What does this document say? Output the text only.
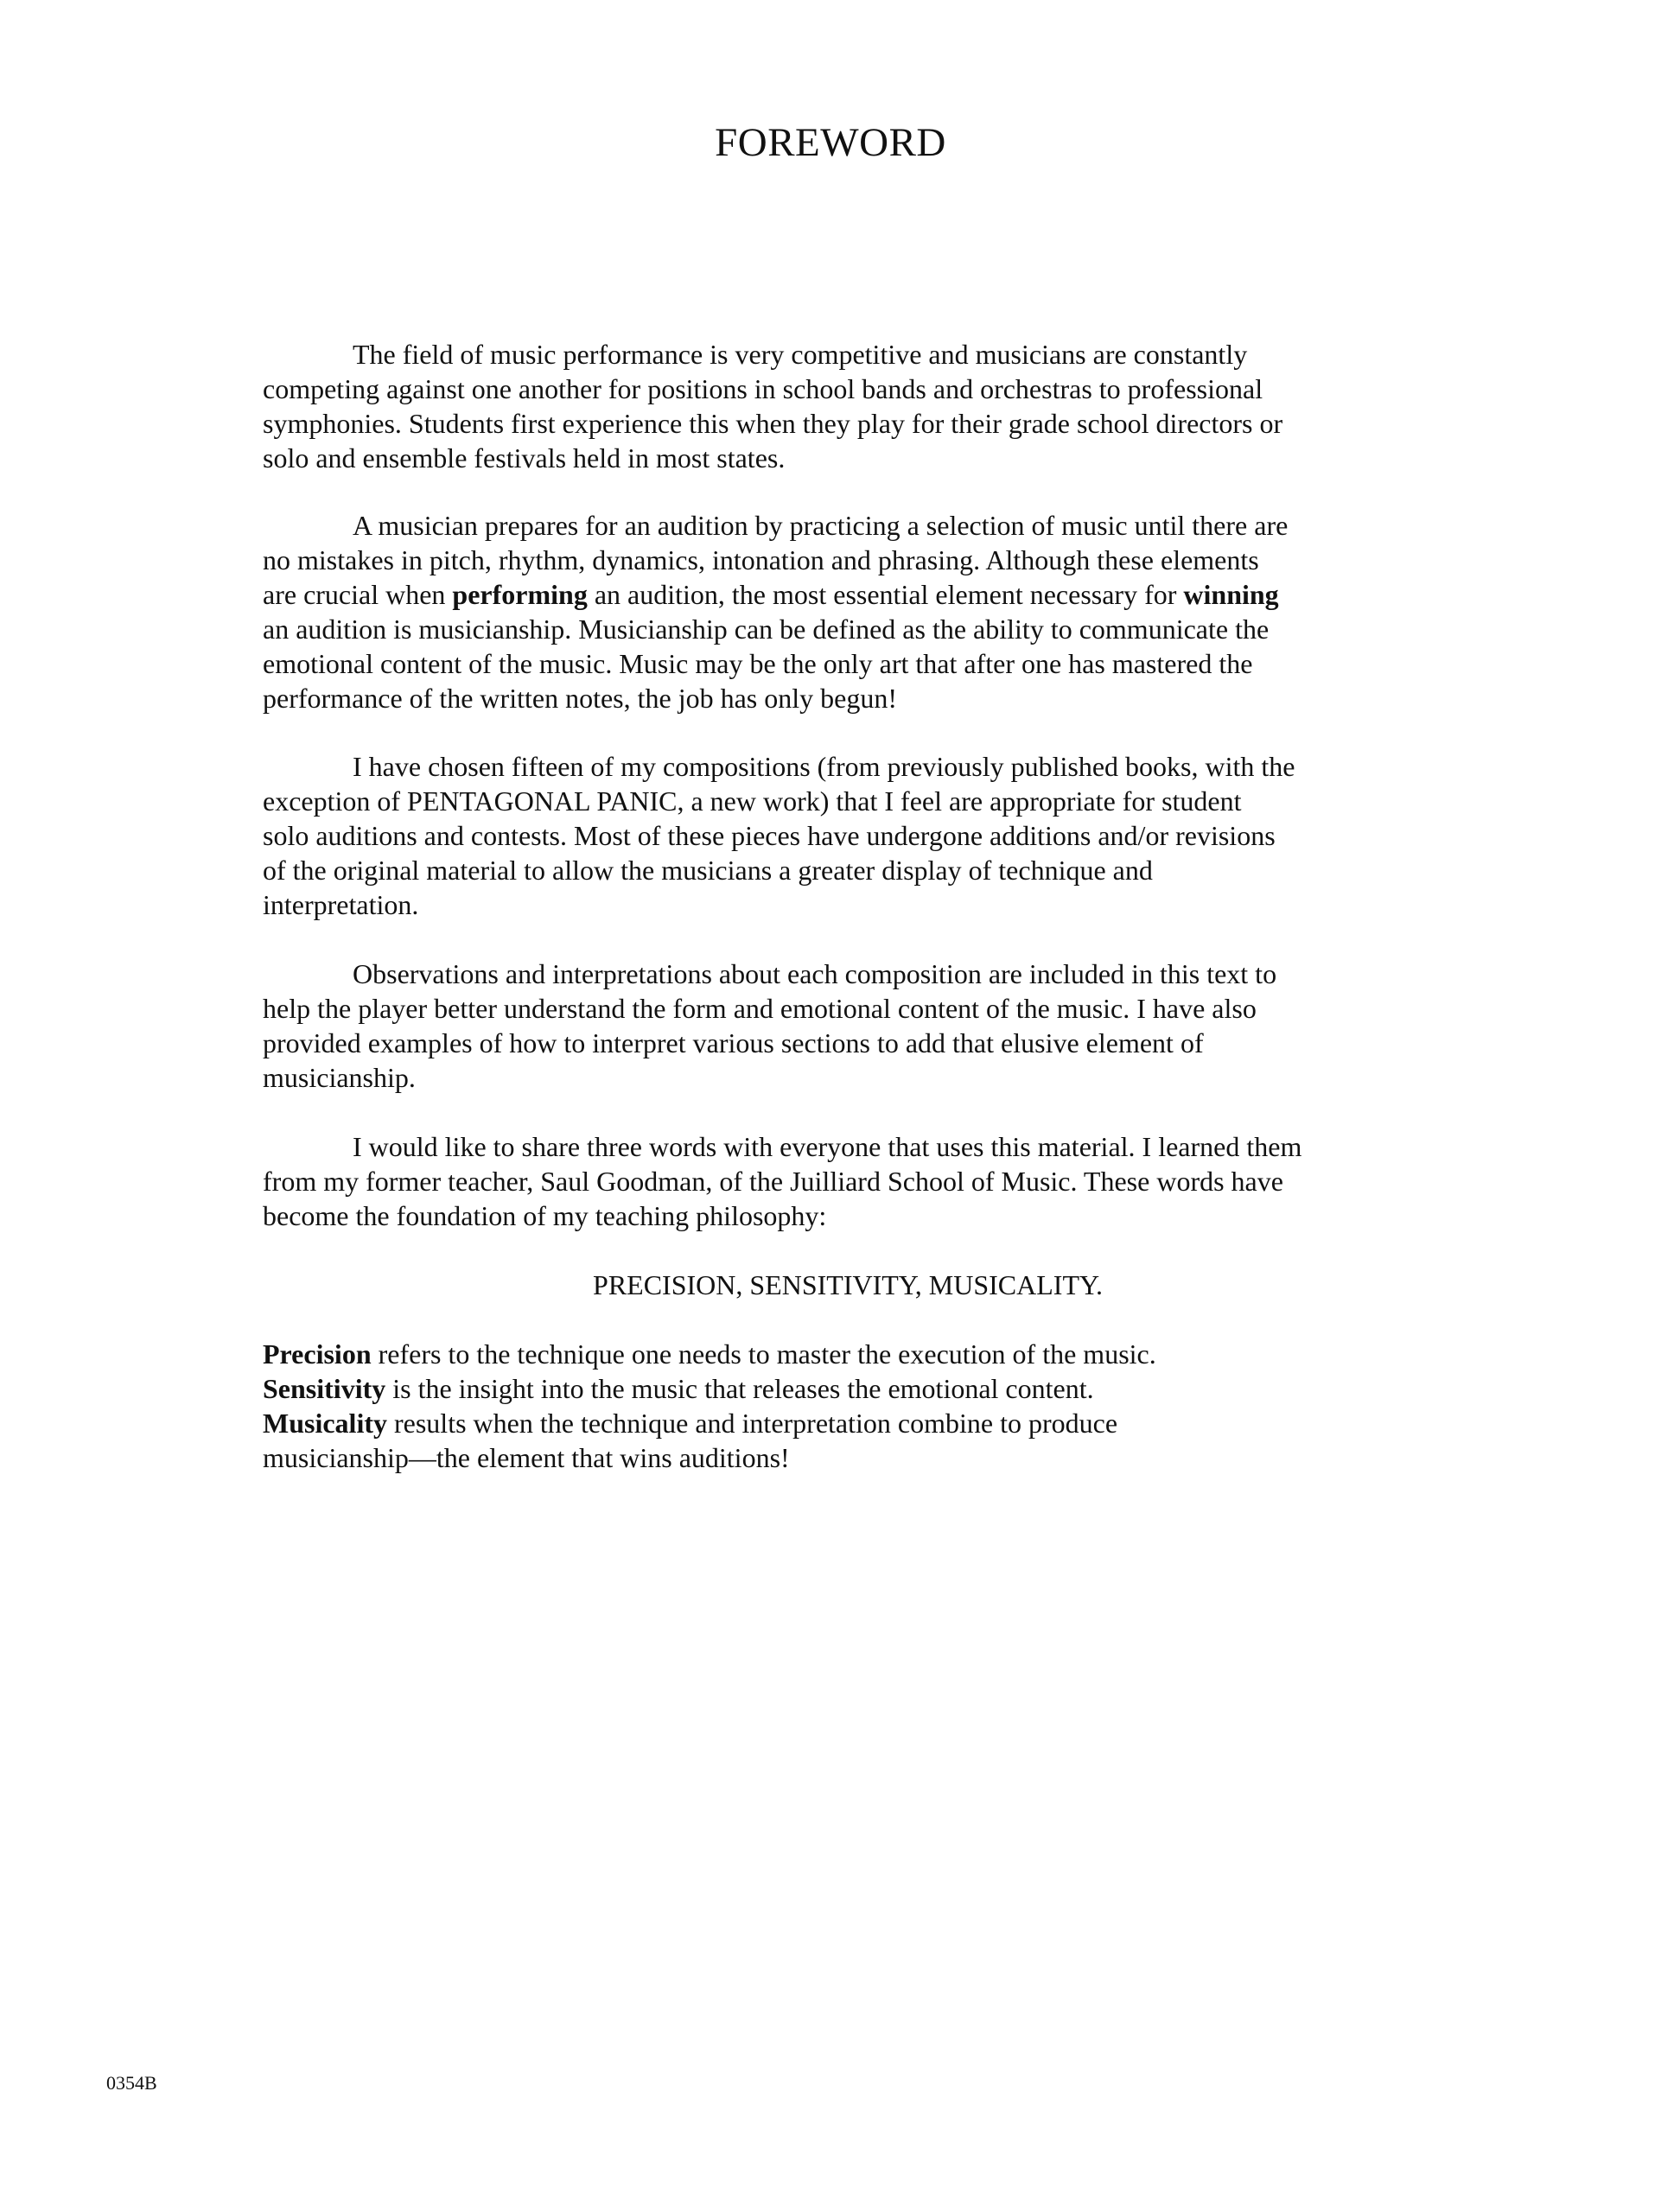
FOREWORD

The field of music performance is very competitive and musicians are constantly
competing against one another for positions in school bands and orchestras to professional
symphonies. Students first experience this when they play for their grade school directors or
solo and ensemble festivals held in most states.

A musician prepares for an audition by practicing a selection of music until there are
no mistakes in pitch, rhythm, dynamics, intonation and phrasing. Although these elements
are crucial when performing an audition, the most essential element necessary for winning
an audition is musicianship. Musicianship can be defined as the ability to communicate the
emotional content of the music. Music may be the only art that after one has mastered the
performance of the written notes, the job has only begun!

I have chosen fifteen of my compositions (from previously published books, with the
exception of PENTAGONAL PANIC, a new work) that I feel are appropriate for student
solo auditions and contests. Most of these pieces have undergone additions and/or revisions
of the original material to allow the musicians a greater display of technique and
interpretation.

Observations and interpretations about each composition are included in this text to
help the player better understand the form and emotional content of the music. I have also
provided examples of how to interpret various sections to add that elusive element of
musicianship.

I would like to share three words with everyone that uses this material. I learned them
from my former teacher, Saul Goodman, of the Juilliard School of Music. These words have
become the foundation of my teaching philosophy:

PRECISION, SENSITIVITY, MUSICALITY.

Precision refers to the technique one needs to master the execution of the music.
Sensitivity is the insight into the music that releases the emotional content.
Musicality results when the technique and interpretation combine to produce
musicianship—the element that wins auditions!

0354B
